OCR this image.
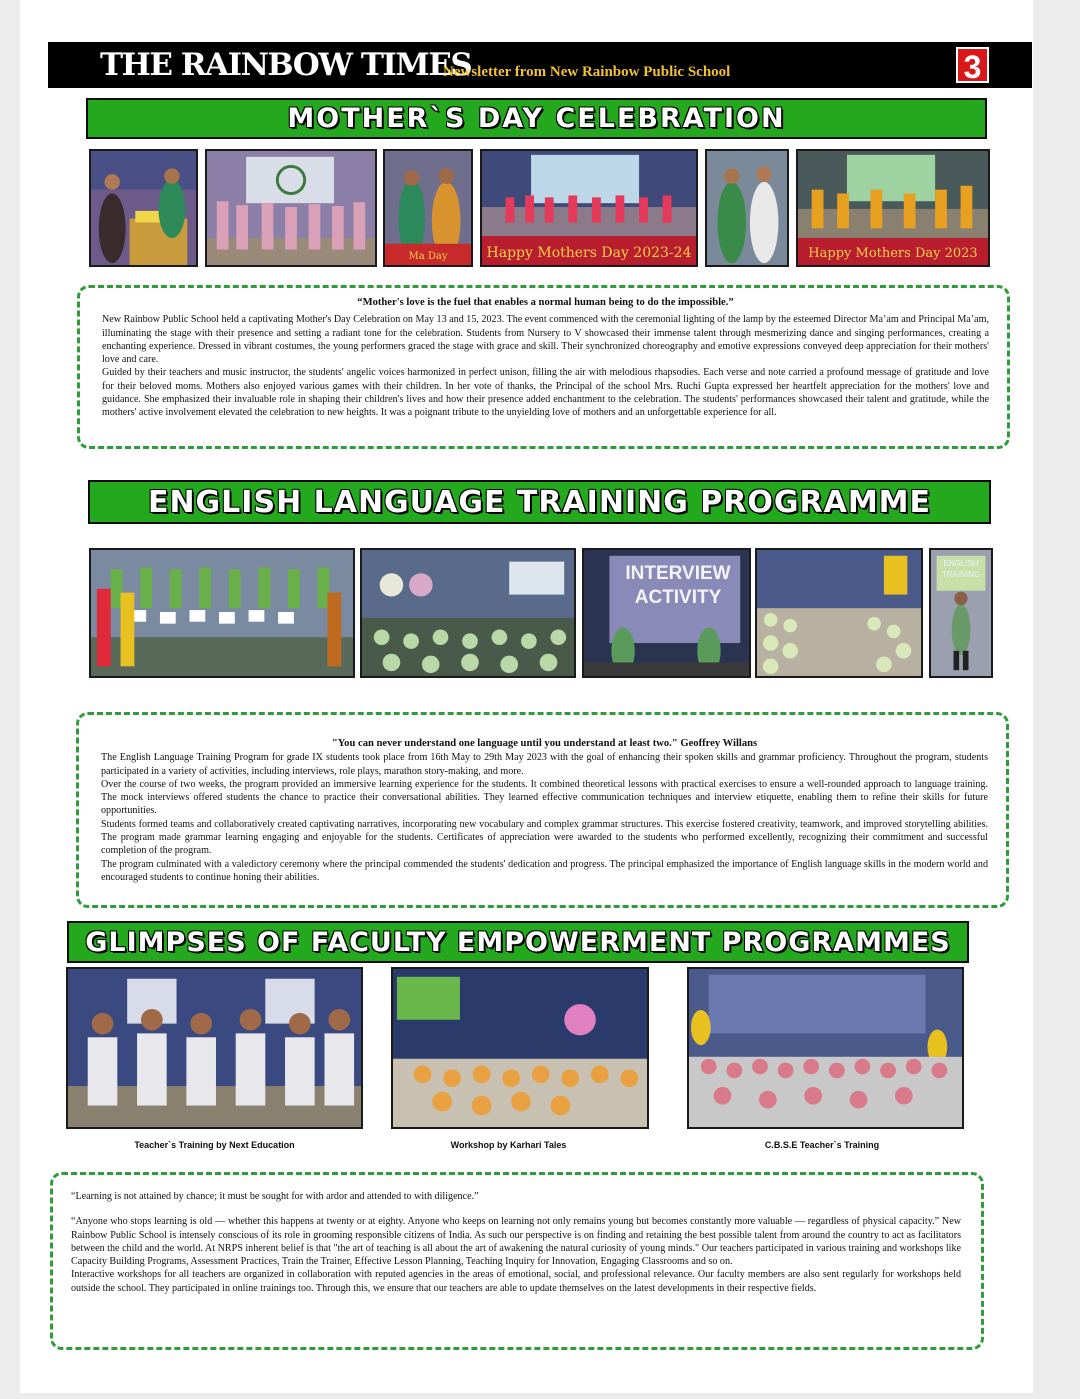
THE RAINBOW TIMES
Newsletter from New Rainbow Public School	3
MOTHER`S DAY CELEBRATION
Ma Day	Happy Mothers Day 2023-24	Happy Mothers Day 2023

“Mother's love is the fuel that enables a normal human being to do the impossible.”

New Rainbow Public School held a captivating Mother's Day Celebration on May 13 and 15, 2023. The event commenced with the ceremonial lighting of the lamp by the esteemed Director Ma’am and Principal Ma’am, illuminating the stage with their presence and setting a radiant tone for the celebration. Students from Nursery to V showcased their immense talent through mesmerizing dance and singing performances, creating a enchanting experience. Dressed in vibrant costumes, the young performers graced the stage with grace and skill. Their synchronized choreography and emotive expressions conveyed deep appreciation for their mothers' love and care.

Guided by their teachers and music instructor, the students' angelic voices harmonized in perfect unison, filling the air with melodious rhapsodies. Each verse and note carried a profound message of gratitude and love for their beloved moms. Mothers also enjoyed various games with their children. In her vote of thanks, the Principal of the school Mrs. Ruchi Gupta expressed her heartfelt appreciation for the mothers' love and guidance. She emphasized their invaluable role in shaping their children's lives and how their presence added enchantment to the celebration. The students' performances showcased their talent and gratitude, while the mothers' active involvement elevated the celebration to new heights. It was a poignant tribute to the unyielding love of mothers and an unforgettable experience for all.

ENGLISH LANGUAGE TRAINING PROGRAMME
INTERVIEW
ACTIVITY
ENGLISH
TRAINING

"You can never understand one language until you understand at least two." Geoffrey Willans

The English Language Training Program for grade IX students took place from 16th May to 29th May 2023 with the goal of enhancing their spoken skills and grammar proficiency. Throughout the program, students participated in a variety of activities, including interviews, role plays, marathon story-making, and more.

Over the course of two weeks, the program provided an immersive learning experience for the students. It combined theoretical lessons with practical exercises to ensure a well-rounded approach to language training. The mock interviews offered students the chance to practice their conversational abilities. They learned effective communication techniques and interview etiquette, enabling them to refine their skills for future opportunities.

Students formed teams and collaboratively created captivating narratives, incorporating new vocabulary and complex grammar structures. This exercise fostered creativity, teamwork, and improved storytelling abilities. The program made grammar learning engaging and enjoyable for the students. Certificates of appreciation were awarded to the students who performed excellently, recognizing their commitment and successful completion of the program.

The program culminated with a valedictory ceremony where the principal commended the students' dedication and progress. The principal emphasized the importance of English language skills in the modern world and encouraged students to continue honing their abilities.

GLIMPSES OF FACULTY EMPOWERMENT PROGRAMMES
Teacher`s Training by Next Education	Workshop by Karhari Tales	C.B.S.E Teacher`s Training

“Learning is not attained by chance; it must be sought for with ardor and attended to with diligence.”

“Anyone who stops learning is old — whether this happens at twenty or at eighty. Anyone who keeps on learning not only remains young but becomes constantly more valuable — regardless of physical capacity.” New Rainbow Public School is intensely conscious of its role in grooming responsible citizens of India. As such our perspective is on finding and retaining the best possible talent from around the country to act as facilitators between the child and the world. At NRPS inherent belief is that "the art of teaching is all about the art of awakening the natural curiosity of young minds." Our teachers participated in various training and workshops like Capacity Building Programs, Assessment Practices, Train the Trainer, Effective Lesson Planning, Teaching Inquiry for Innovation, Engaging Classrooms and so on.

Interactive workshops for all teachers are organized in collaboration with reputed agencies in the areas of emotional, social, and professional relevance. Our faculty members are also sent regularly for workshops held outside the school. They participated in online trainings too. Through this, we ensure that our teachers are able to update themselves on the latest developments in their respective fields.
